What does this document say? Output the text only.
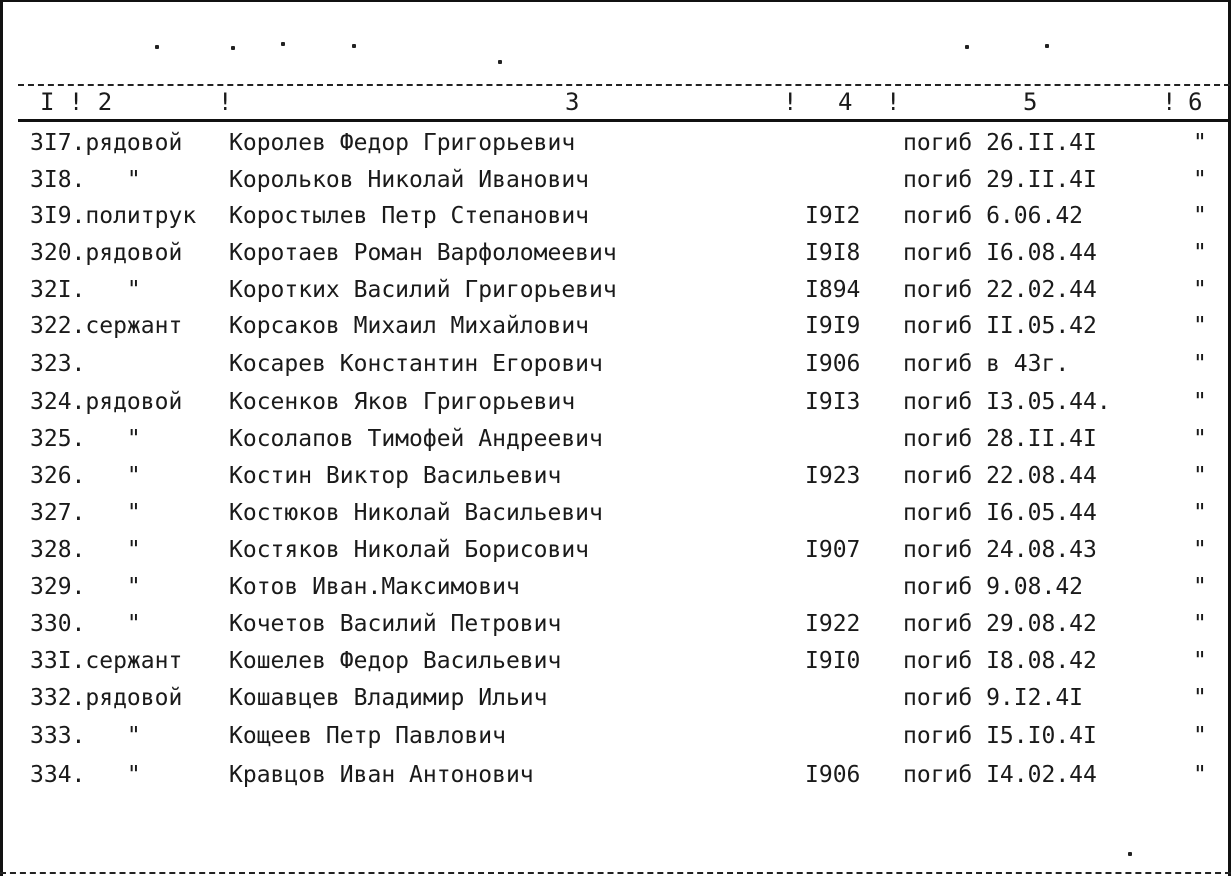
I ! 2	!	3	! 4 !	5	! 6
3I7.рядовой Королев Федор Григорьевич	погиб 26.II.4I	"
3I8.   "	Корольков Николай Иванович	погиб 29.II.4I	"
3I9.политрук Коростылев Петр Степанович	I9I2 погиб 6.06.42	"
320.рядовой Коротаев Роман Варфоломеевич	I9I8 погиб I6.08.44	"
32I.   "	Коротких Василий Григорьевич	I894 погиб 22.02.44	"
322.сержант Корсаков Михаил Михайлович	I9I9 погиб II.05.42	"
323.	Косарев Константин Егорович	I906 погиб в 43г.	"
324.рядовой Косенков Яков Григорьевич	I9I3 погиб I3.05.44.	"
325.   "	Косолапов Тимофей Андреевич	погиб 28.II.4I	"
326.   "	Костин Виктор Васильевич	I923 погиб 22.08.44	"
327.   "	Костюков Николай Васильевич	погиб I6.05.44	"
328.   "	Костяков Николай Борисович	I907 погиб 24.08.43	"
329.   "	Котов Иван.Максимович	погиб 9.08.42	"
330.   "	Кочетов Василий Петрович	I922 погиб 29.08.42	"
33I.сержант Кошелев Федор Васильевич	I9I0 погиб I8.08.42	"
332.рядовой Кошавцев Владимир Ильич	погиб 9.I2.4I	"
333.   "	Кощеев Петр Павлович	погиб I5.I0.4I	"
334.   "	Кравцов Иван Антонович	I906 погиб I4.02.44	"
